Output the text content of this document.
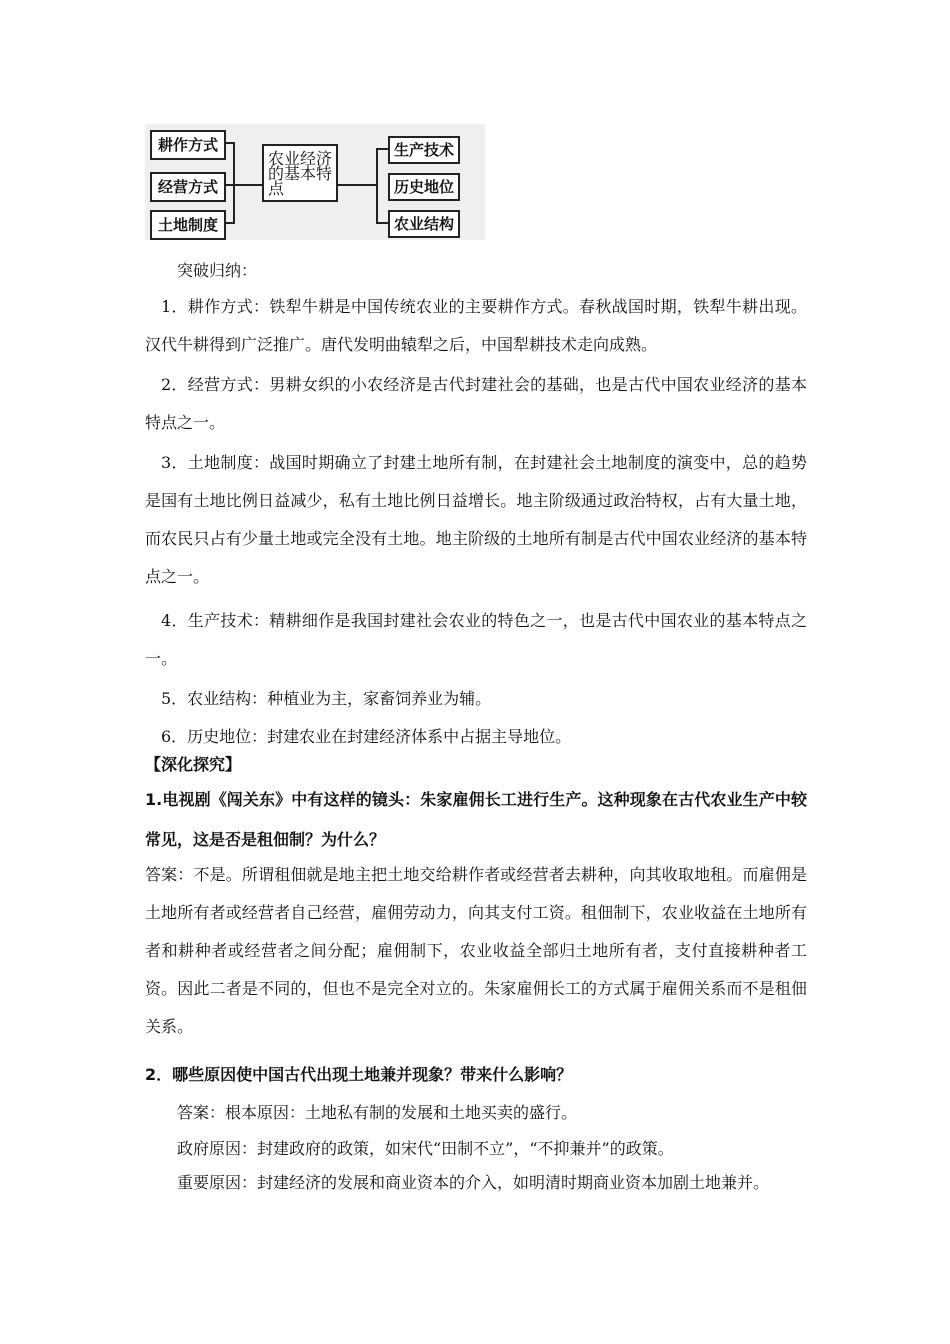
耕作方式
经营方式
土地制度
农业经济的基本特点
生产技术
历史地位
农业结构

突破归纳：

1．耕作方式：铁犁牛耕是中国传统农业的主要耕作方式。春秋战国时期，铁犁牛耕出现。汉代牛耕得到广泛推广。唐代发明曲辕犁之后，中国犁耕技术走向成熟。

2．经营方式：男耕女织的小农经济是古代封建社会的基础，也是古代中国农业经济的基本特点之一。

3．土地制度：战国时期确立了封建土地所有制，在封建社会土地制度的演变中，总的趋势是国有土地比例日益减少，私有土地比例日益增长。地主阶级通过政治特权，占有大量土地，而农民只占有少量土地或完全没有土地。地主阶级的土地所有制是古代中国农业经济的基本特点之一。

4．生产技术：精耕细作是我国封建社会农业的特色之一，也是古代中国农业的基本特点之一。

5．农业结构：种植业为主，家畜饲养业为辅。

6．历史地位：封建农业在封建经济体系中占据主导地位。

【深化探究】

1.电视剧《闯关东》中有这样的镜头：朱家雇佣长工进行生产。这种现象在古代农业生产中较常见，这是否是租佃制？为什么？

答案：不是。所谓租佃就是地主把土地交给耕作者或经营者去耕种，向其收取地租。而雇佣是土地所有者或经营者自己经营，雇佣劳动力，向其支付工资。租佃制下，农业收益在土地所有者和耕种者或经营者之间分配；雇佣制下，农业收益全部归土地所有者，支付直接耕种者工资。因此二者是不同的，但也不是完全对立的。朱家雇佣长工的方式属于雇佣关系而不是租佃关系。

2．哪些原因使中国古代出现土地兼并现象？带来什么影响？

答案：根本原因：土地私有制的发展和土地买卖的盛行。

政府原因：封建政府的政策，如宋代“田制不立”，“不抑兼并”的政策。

重要原因：封建经济的发展和商业资本的介入，如明清时期商业资本加剧土地兼并。
